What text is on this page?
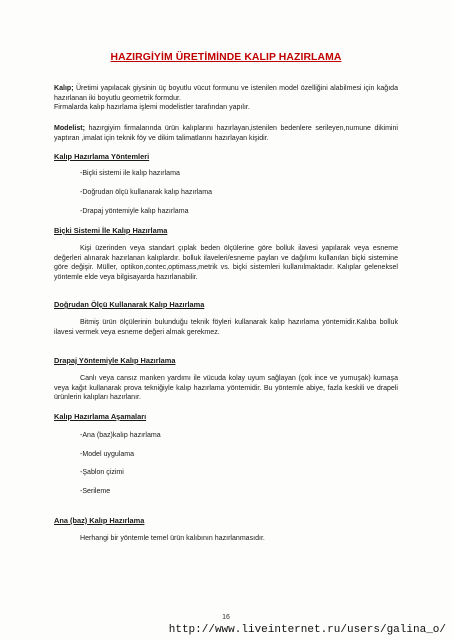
HAZIRGİYİM ÜRETİMİNDE KALIP HAZIRLAMA

Kalıp; Üretimi yapılacak giysinin üç boyutlu vücut formunu ve istenilen model özelliğini alabilmesi için kağıda hazırlanan iki boyutlu geometrik formdur.
Firmalarda kalıp hazırlama işlemi modelistler tarafından yapılır.

Modelist; hazırgiyim firmalarında ürün kalıplarını hazırlayan,istenilen bedenlere serileyen,numune dikimini yaptıran ,imalat için teknik föy ve dikim talimatlarını hazırlayan kişidir.

Kalıp Hazırlama Yöntemleri

-Biçki sistemi ile kalıp hazırlama

-Doğrudan ölçü kullanarak kalıp hazırlama

-Drapaj yöntemiyle kalıp hazırlama

Biçki Sistemi İle Kalıp Hazırlama

Kişi üzerinden veya standart çıplak beden ölçülerine göre bolluk ilavesi yapılarak veya esneme değerleri alınarak hazırlanan kalıplardır. bolluk ilaveleri/esneme payları ve dağılımı kullanılan biçki sistemine göre değişir. Müller, optikon,contec,optimass,metrik vs. biçki sistemleri kullanılmaktadır. Kalıplar geleneksel yöntemle elde veya bilgisayarda hazırlanabilir.

Doğrudan Ölçü Kullanarak Kalıp Hazırlama

Bitmiş ürün ölçülerinin bulunduğu teknik föyleri kullanarak kalıp hazırlama yöntemidir.Kalıba bolluk ilavesi vermek veya esneme değeri almak gerekmez.

Drapaj Yöntemiyle Kalıp Hazırlama

Canlı veya cansız manken yardımı ile vücuda kolay uyum sağlayan (çok ince ve yumuşak) kumaşa veya kağıt kullanarak prova tekniğiyle kalıp hazırlama yöntemidir. Bu yöntemle abiye, fazla keskili ve drapeli ürünlerin kalıpları hazırlanır.

Kalıp Hazırlama Aşamaları

-Ana (baz)kalıp hazırlama

-Model uygulama

-Şablon çizimi

-Serileme

Ana (baz) Kalıp Hazırlama

Herhangi bir yöntemle temel ürün kalıbının hazırlanmasıdır.

16
http://www.liveinternet.ru/users/galina_o/
